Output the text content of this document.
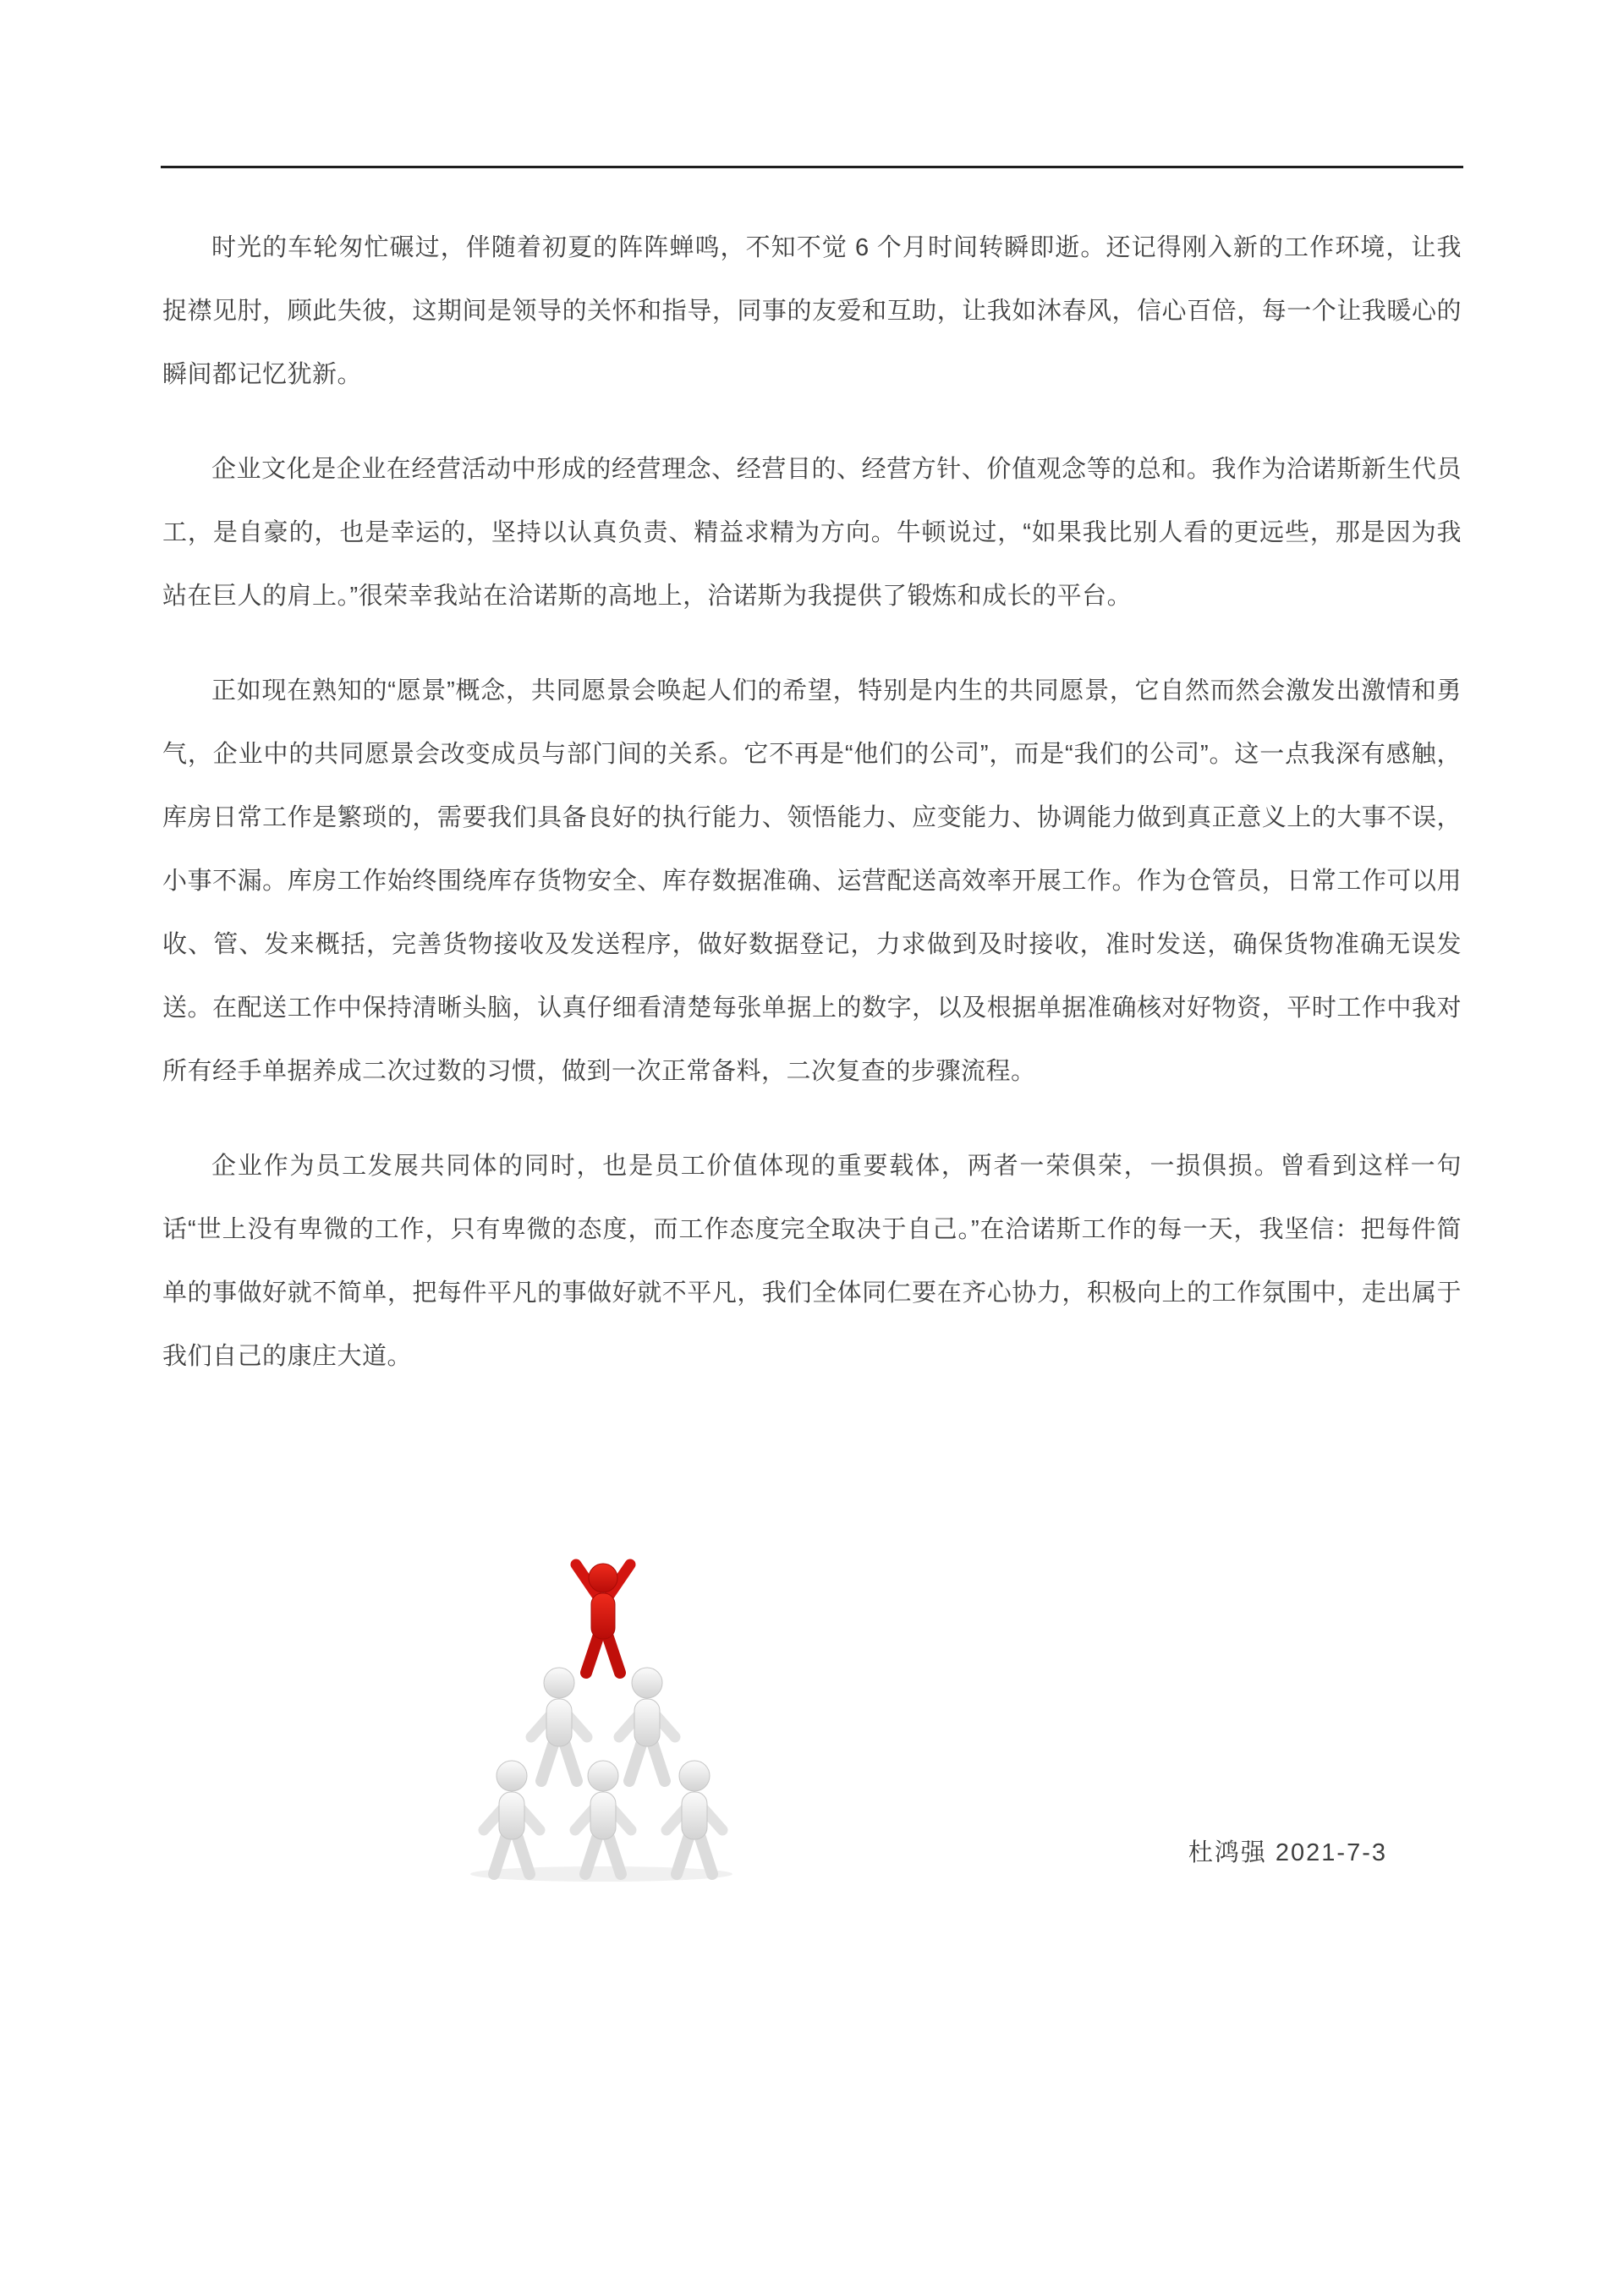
时光的车轮匆忙碾过，伴随着初夏的阵阵蝉鸣，不知不觉 6 个月时间转瞬即逝。还记得刚入新的工作环境，让我捉襟见肘，顾此失彼，这期间是领导的关怀和指导，同事的友爱和互助，让我如沐春风，信心百倍，每一个让我暖心的瞬间都记忆犹新。

企业文化是企业在经营活动中形成的经营理念、经营目的、经营方针、价值观念等的总和。我作为洽诺斯新生代员工，是自豪的，也是幸运的，坚持以认真负责、精益求精为方向。牛顿说过，“如果我比别人看的更远些，那是因为我站在巨人的肩上。”很荣幸我站在洽诺斯的高地上，洽诺斯为我提供了锻炼和成长的平台。

正如现在熟知的“愿景”概念，共同愿景会唤起人们的希望，特别是内生的共同愿景，它自然而然会激发出激情和勇气，企业中的共同愿景会改变成员与部门间的关系。它不再是“他们的公司”，而是“我们的公司”。这一点我深有感触，库房日常工作是繁琐的，需要我们具备良好的执行能力、领悟能力、应变能力、协调能力做到真正意义上的大事不误，小事不漏。库房工作始终围绕库存货物安全、库存数据准确、运营配送高效率开展工作。作为仓管员，日常工作可以用收、管、发来概括，完善货物接收及发送程序，做好数据登记，力求做到及时接收，准时发送，确保货物准确无误发送。在配送工作中保持清晰头脑，认真仔细看清楚每张单据上的数字，以及根据单据准确核对好物资，平时工作中我对所有经手单据养成二次过数的习惯，做到一次正常备料，二次复查的步骤流程。

企业作为员工发展共同体的同时，也是员工价值体现的重要载体，两者一荣俱荣，一损俱损。曾看到这样一句话“世上没有卑微的工作，只有卑微的态度，而工作态度完全取决于自己。”在洽诺斯工作的每一天，我坚信：把每件简单的事做好就不简单，把每件平凡的事做好就不平凡，我们全体同仁要在齐心协力，积极向上的工作氛围中，走出属于我们自己的康庄大道。

杜鸿强 2021-7-3
